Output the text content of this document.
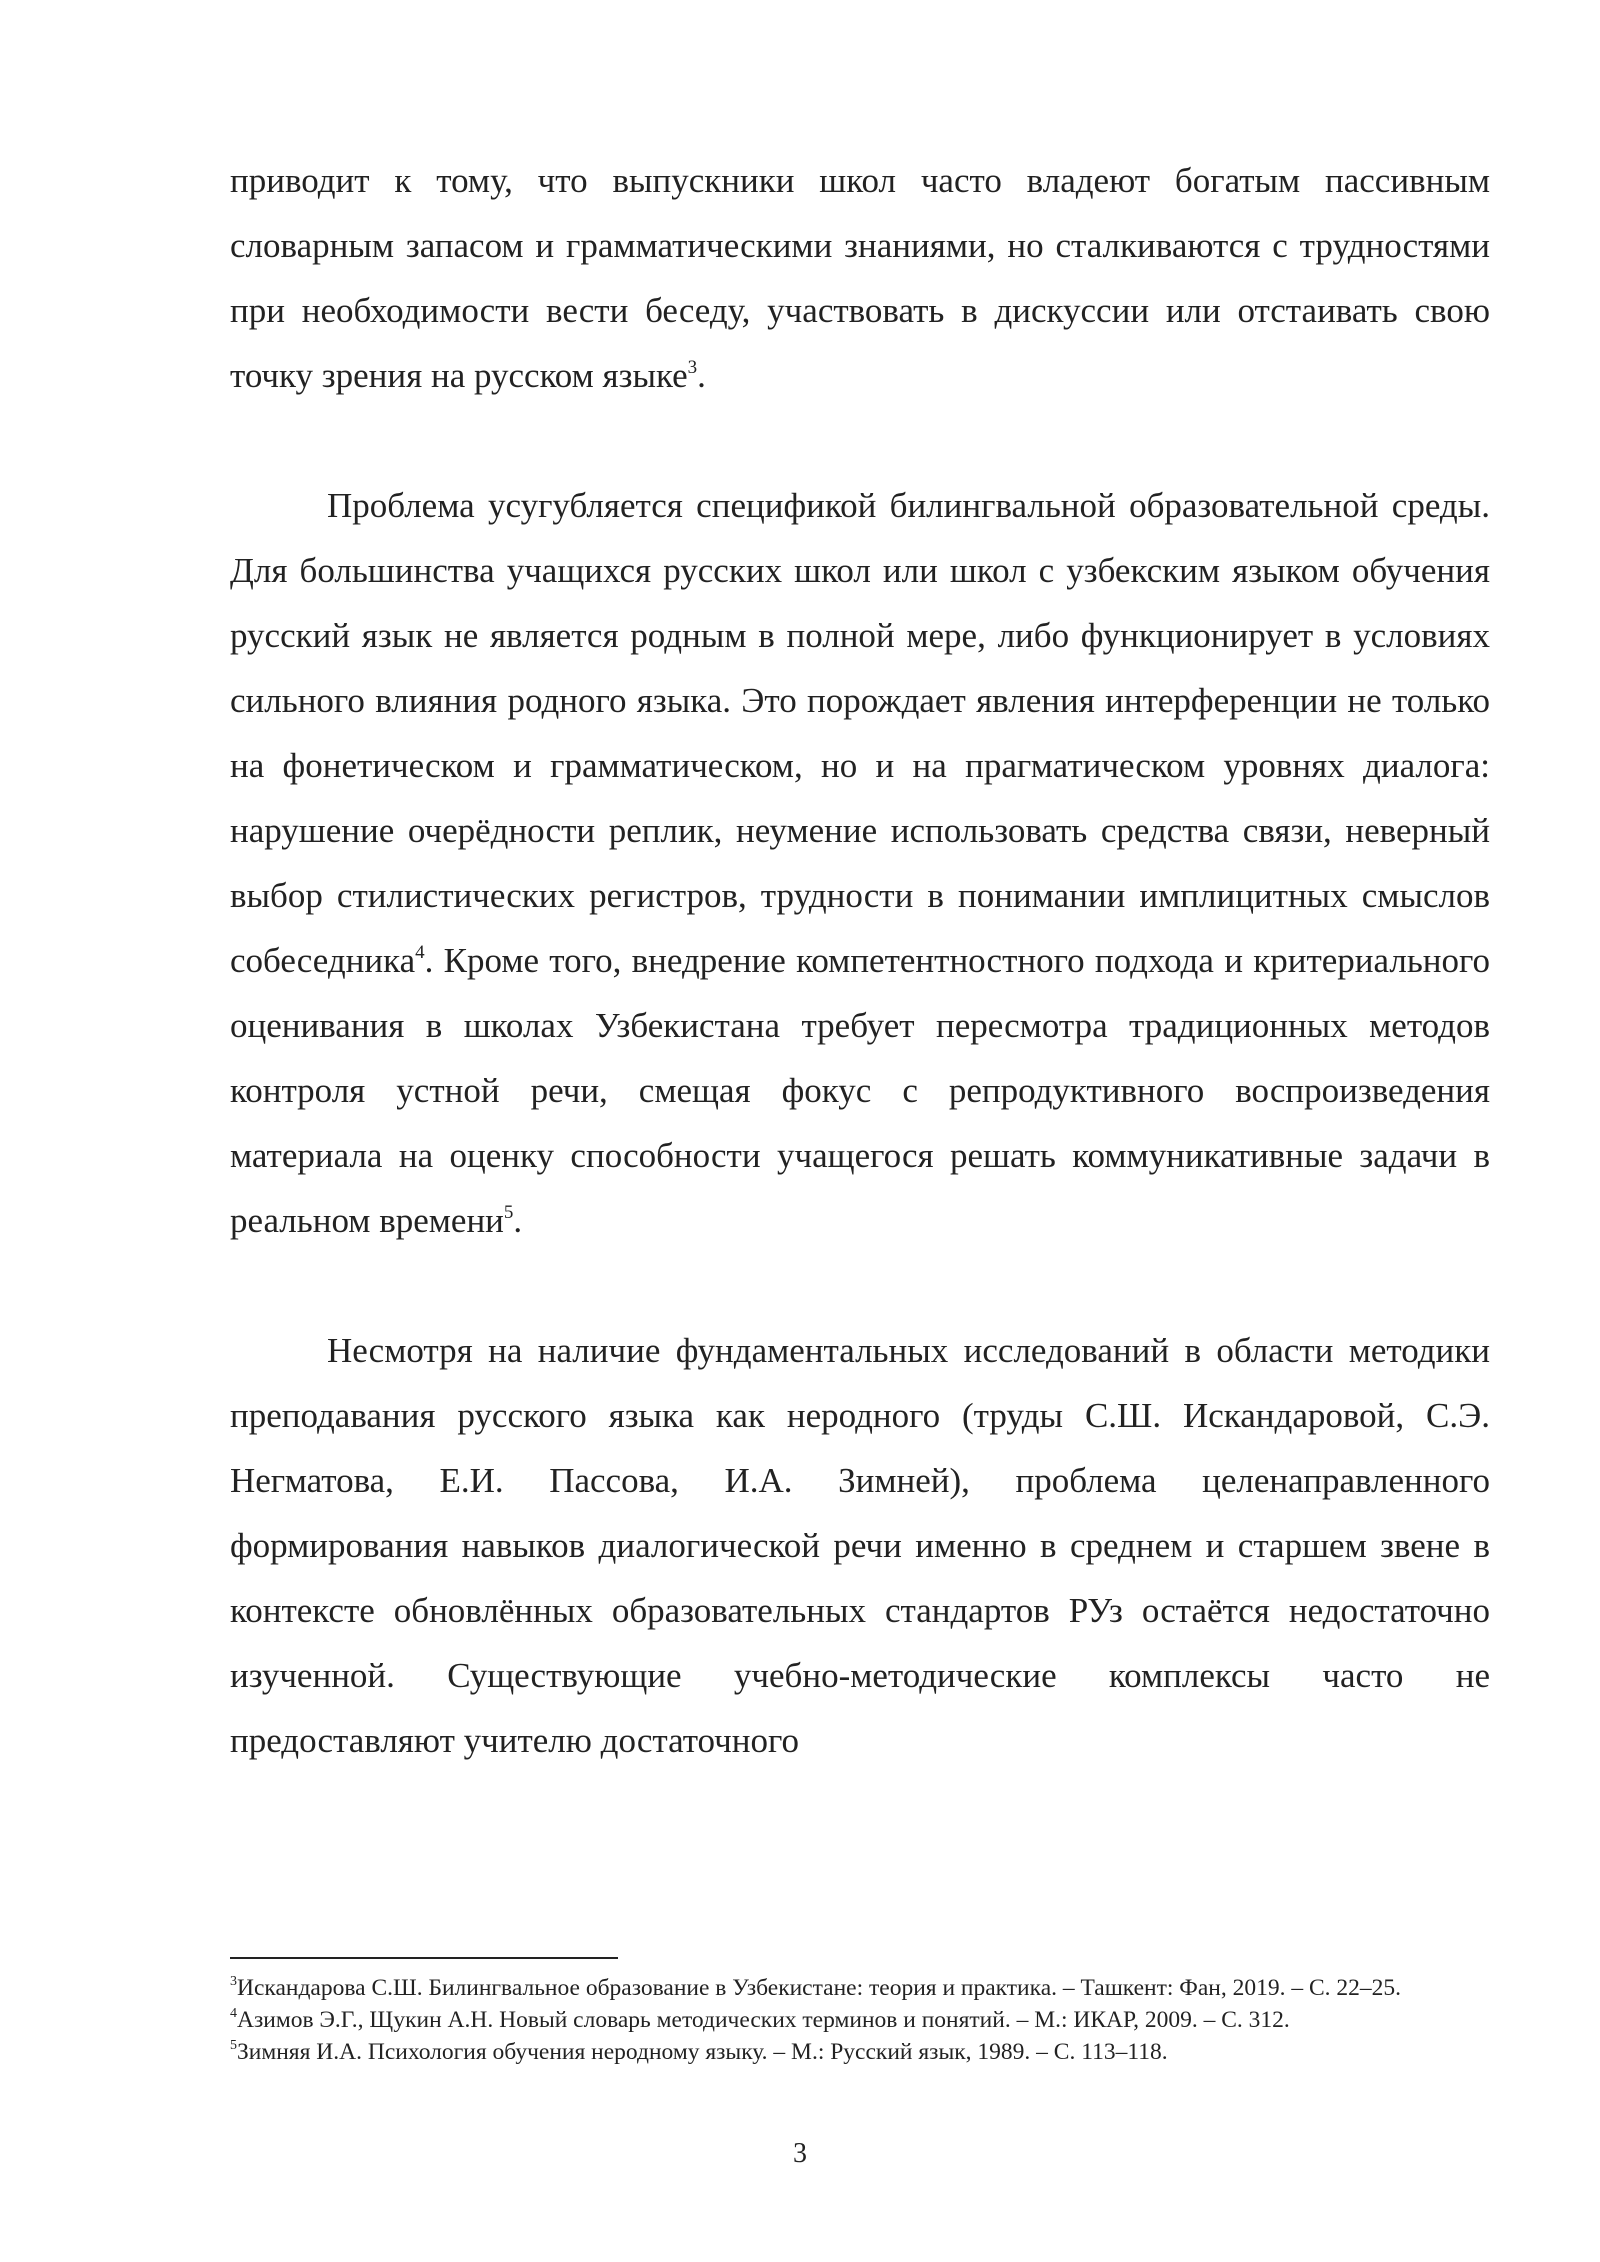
приводит к тому, что выпускники школ часто владеют богатым пассивным словарным запасом и грамматическими знаниями, но сталкиваются с трудностями при необходимости вести беседу, участвовать в дискуссии или отстаивать свою точку зрения на русском языке$^3$.

Проблема усугубляется спецификой билингвальной образовательной среды. Для большинства учащихся русских школ или школ с узбекским языком обучения русский язык не является родным в полной мере, либо функционирует в условиях сильного влияния родного языка. Это порождает явления интерференции не только на фонетическом и грамматическом, но и на прагматическом уровнях диалога: нарушение очерёдности реплик, неумение использовать средства связи, неверный выбор стилистических регистров, трудности в понимании имплицитных смыслов собеседника$^4$. Кроме того, внедрение компетентностного подхода и критериального оценивания в школах Узбекистана требует пересмотра традиционных методов контроля устной речи, смещая фокус с репродуктивного воспроизведения материала на оценку способности учащегося решать коммуникативные задачи в реальном времени$^5$.

Несмотря на наличие фундаментальных исследований в области методики преподавания русского языка как неродного (труды С.Ш. Искандаровой, С.Э. Негматова, Е.И. Пассова, И.А. Зимней), проблема целенаправленного формирования навыков диалогической речи именно в среднем и старшем звене в контексте обновлённых образовательных стандартов РУз остаётся недостаточно изученной. Существующие учебно-методические комплексы часто не предоставляют учителю достаточного

$^3$Искандарова С.Ш. Билингвальное образование в Узбекистане: теория и практика. – Ташкент: Фан, 2019. – С. 22–25.

$^4$Азимов Э.Г., Щукин А.Н. Новый словарь методических терминов и понятий. – М.: ИКАР, 2009. – С. 312.

$^5$Зимняя И.А. Психология обучения неродному языку. – М.: Русский язык, 1989. – С. 113–118.

3
